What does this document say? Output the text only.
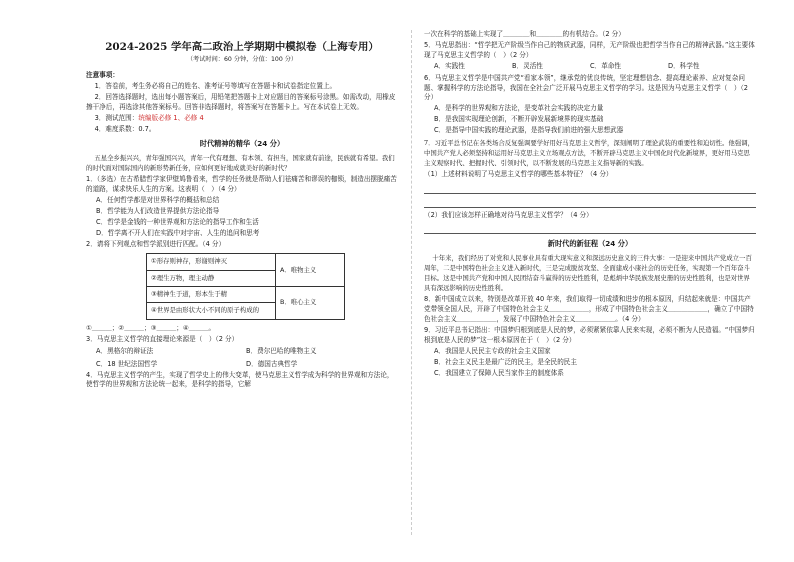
2024-2025 学年高二政治上学期期中模拟卷（上海专用）
（考试时间：60 分钟，分值：100 分）
注意事项：
1．答卷前，考生务必将自己的姓名、准考证号等填写在答题卡和试卷指定位置上。
2．回答选择题时，选出每小题答案后，用铅笔把答题卡上对应题目的答案标号涂黑。如需改动，用橡皮擦干净后，再选涂其他答案标号。回答非选择题时，将答案写在答题卡上。写在本试卷上无效。
3．测试范围：统编版必修 1、必修 4
4．难度系数：0.7。
时代精神的精华（24 分）
五星全乡振兴兴，青年强国兴兴，青年一代有理想、有本领、有担当，国家就有前途，民族就有希望。我们的时代面对国际国内的新形势新任务，应如何更好地成就美好的新时代？
1．（多选）在古希腊哲学家伊壁鸠鲁看来，哲学的任务就是帮助人们祛痛苦和谬误的枷锁，制造出摆脱痛苦的道路，谋求快乐人生的方案。这表明（　）（4 分）
A．任何哲学都是对世界科学的概括和总结
B．哲学能为人们改造世界提供方法论指导
C．哲学是金钱的一种世界观和方法论的指导工作和生活
D．哲学离不开人们在实践中对宇宙、人生的追问和思考
2．请将下列观点和哲学派别进行匹配。（4 分）
①形存则神存，形谢则神灭	A．唯物主义
②理生万物，理主动静	
③精神生于道，形本生于精	B．唯心主义
④世界是由形状大小不同的原子构成的	
①＿＿＿；②＿＿＿；③＿＿＿；④＿＿＿。
3．马克思主义哲学的直接理论来源是（　）（2 分）
A．黑格尔的辩证法	B．费尔巴哈的唯物主义
C．18 世纪法国哲学	D．德国古典哲学
4．马克思主义哲学的产生，实现了哲学史上的伟大变革，使马克思主义哲学成为科学的世界观和方法论，使哲学的世界观和方法论统一起来，是科学的指导，它解
一次在科学的基础上实现了＿＿＿＿和＿＿＿＿的有机结合。（2 分）
5．马克思指出：“哲学把无产阶级当作自己的物质武器，同样，无产阶级也把哲学当作自己的精神武器。”这主要体现了马克思主义哲学的（　）（2 分）
A．实践性	B．灵活性	C．革命性	D．科学性
6．马克思主义哲学是中国共产党“看家本领”，继承党的优良传统，坚定理想信念、提高理论素养、应对复杂问题、掌握科学的方法论指导，我国在全社会广泛开展马克思主义哲学的学习。这是因为马克思主义哲学（　）（2 分）
A．是科学的世界观和方法论，是变革社会实践的决定力量
B．是我国实现理论创新，不断开辟发展新境界的现实基础
C．是指导中国实践的理论武器，是指导我们前进的强大思想武器
7．习近平总书记在各类场合反复强调要学好用好马克思主义哲学，深刻阐明了理论武装的重要性和迫切性。他强调，中国共产党人必须坚持和运用好马克思主义立场观点方法，不断开辟马克思主义中国化时代化新境界，更好用马克思主义观察时代、把握时代、引领时代，以不断发展的马克思主义指导新的实践。
（1）上述材料说明了马克思主义哲学的哪些基本特征？（4 分）
（2）我们应该怎样正确地对待马克思主义哲学？（4 分）
新时代的新征程（24 分）
十年来，我们经历了对党和人民事业具有重大现实意义和深远历史意义的三件大事：一是迎来中国共产党成立一百周年，二是中国特色社会主义进入新时代，三是完成脱贫攻坚、全面建成小康社会的历史任务，实现第一个百年奋斗目标。这是中国共产党和中国人民团结奋斗赢得的历史性胜利，是彪炳中华民族发展史册的历史性胜利，也是对世界具有深远影响的历史性胜利。
8．新中国成立以来，特别是改革开放 40 年来，我们取得一切成绩和进步的根本原因，归结起来就是：中国共产党带领全国人民，开辟了中国特色社会主义＿＿＿＿＿＿，形成了中国特色社会主义＿＿＿＿＿＿，确立了中国特色社会主义＿＿＿＿＿＿，发展了中国特色社会主义＿＿＿＿＿＿。（4 分）
9．习近平总书记指出：中国梦归根到底是人民的梦，必须紧紧依靠人民来实现，必须不断为人民造福。“中国梦归根到底是人民的梦”这一根本原因在于（　）（2 分）
A．我国是人民民主专政的社会主义国家
B．社会主义民主是最广泛的民主，是全民的民主
C．我国建立了保障人民当家作主的制度体系
